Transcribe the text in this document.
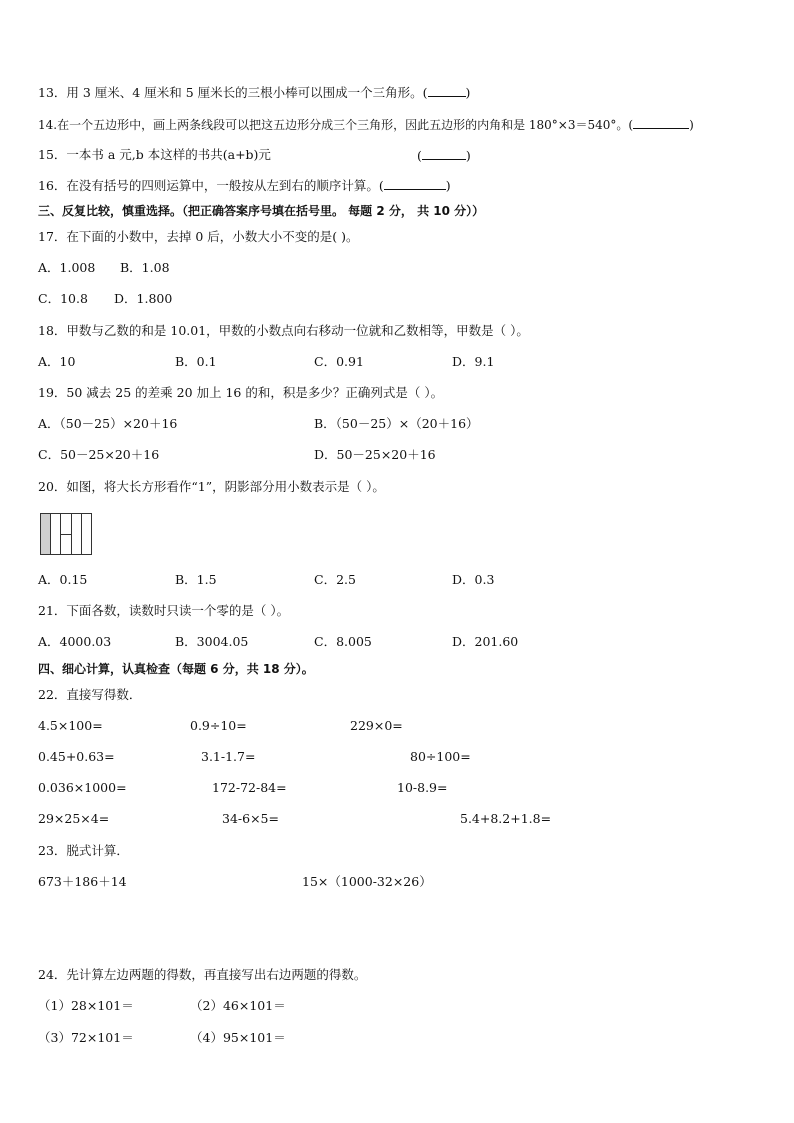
13．用 3 厘米、4 厘米和 5 厘米长的三根小棒可以围成一个三角形。(	)
14.在一个五边形中，画上两条线段可以把这五边形分成三个三角形，因此五边形的内角和是 180°×3＝540°。(	)
15．一本书 a 元,b 本这样的书共(a+b)元	(	)
16．在没有括号的四则运算中，一般按从左到右的顺序计算。(	)
三、反复比较，慎重选择。（把正确答案序号填在括号里。 每题 2 分， 共 10 分））
17．在下面的小数中，去掉 0 后，小数大小不变的是( )。
A．1.008 B．1.08
C．10.8 D．1.800
18．甲数与乙数的和是 10.01，甲数的小数点向右移动一位就和乙数相等，甲数是（ ）。
A．10	B．0.1	C．0.91	D．9.1
19．50 减去 25 的差乘 20 加上 16 的和，积是多少？正确列式是（ ）。
A．（50－25）×20＋16	B．（50－25）×（20＋16）
C．50－25×20＋16	D．50－25×20＋16
20．如图，将大长方形看作“1”，阴影部分用小数表示是（ ）。
A．0.15	B．1.5	C．2.5	D．0.3
21．下面各数，读数时只读一个零的是（ ）。
A．4000.03	B．3004.05	C．8.005	D．201.60
四、细心计算，认真检查（每题 6 分，共 18 分）。
22．直接写得数．
4.5×100=	0.9÷10=	229×0=
0.45+0.63=	3.1-1.7=	80÷100=
0.036×1000=	172-72-84=	10-8.9=
29×25×4=	34-6×5=	5.4+8.2+1.8=
23．脱式计算．
673＋186＋14	15×（1000-32×26）
24．先计算左边两题的得数，再直接写出右边两题的得数。
（1）28×101＝	（2）46×101＝
（3）72×101＝	（4）95×101＝
